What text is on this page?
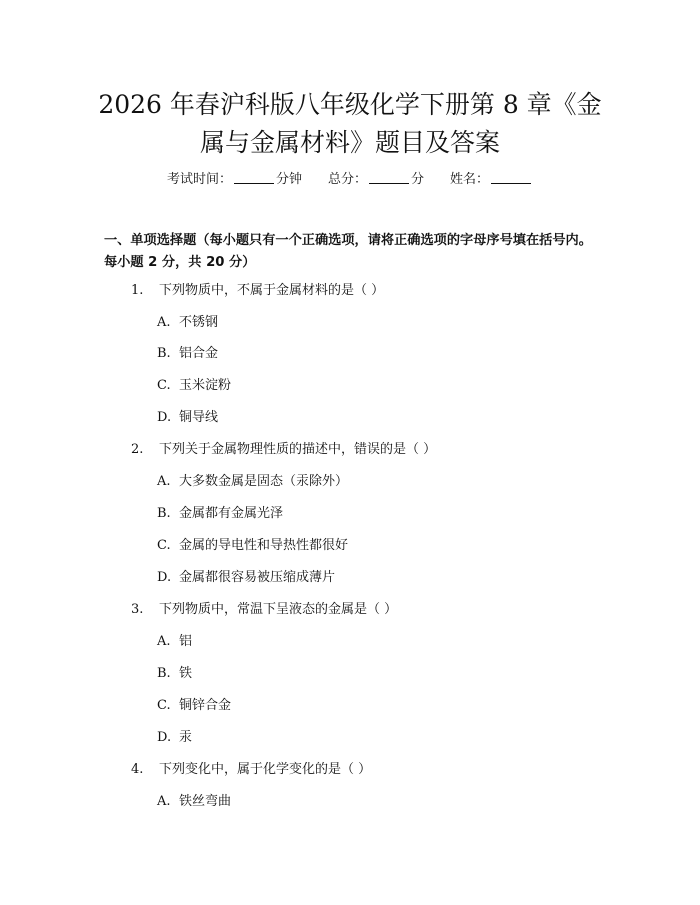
2026 年春沪科版八年级化学下册第 8 章《金
属与金属材料》题目及答案
考试时间：	分钟 总分：	分 姓名：
一、单项选择题（每小题只有一个正确选项，请将正确选项的字母序号填在括号内。每小题 2 分，共 20 分）
1. 下列物质中，不属于金属材料的是（ ）
A. 不锈钢
B. 铝合金
C. 玉米淀粉
D. 铜导线
2. 下列关于金属物理性质的描述中，错误的是（ ）
A. 大多数金属是固态（汞除外）
B. 金属都有金属光泽
C. 金属的导电性和导热性都很好
D. 金属都很容易被压缩成薄片
3. 下列物质中，常温下呈液态的金属是（ ）
A. 铝
B. 铁
C. 铜锌合金
D. 汞
4. 下列变化中，属于化学变化的是（ ）
A. 铁丝弯曲
